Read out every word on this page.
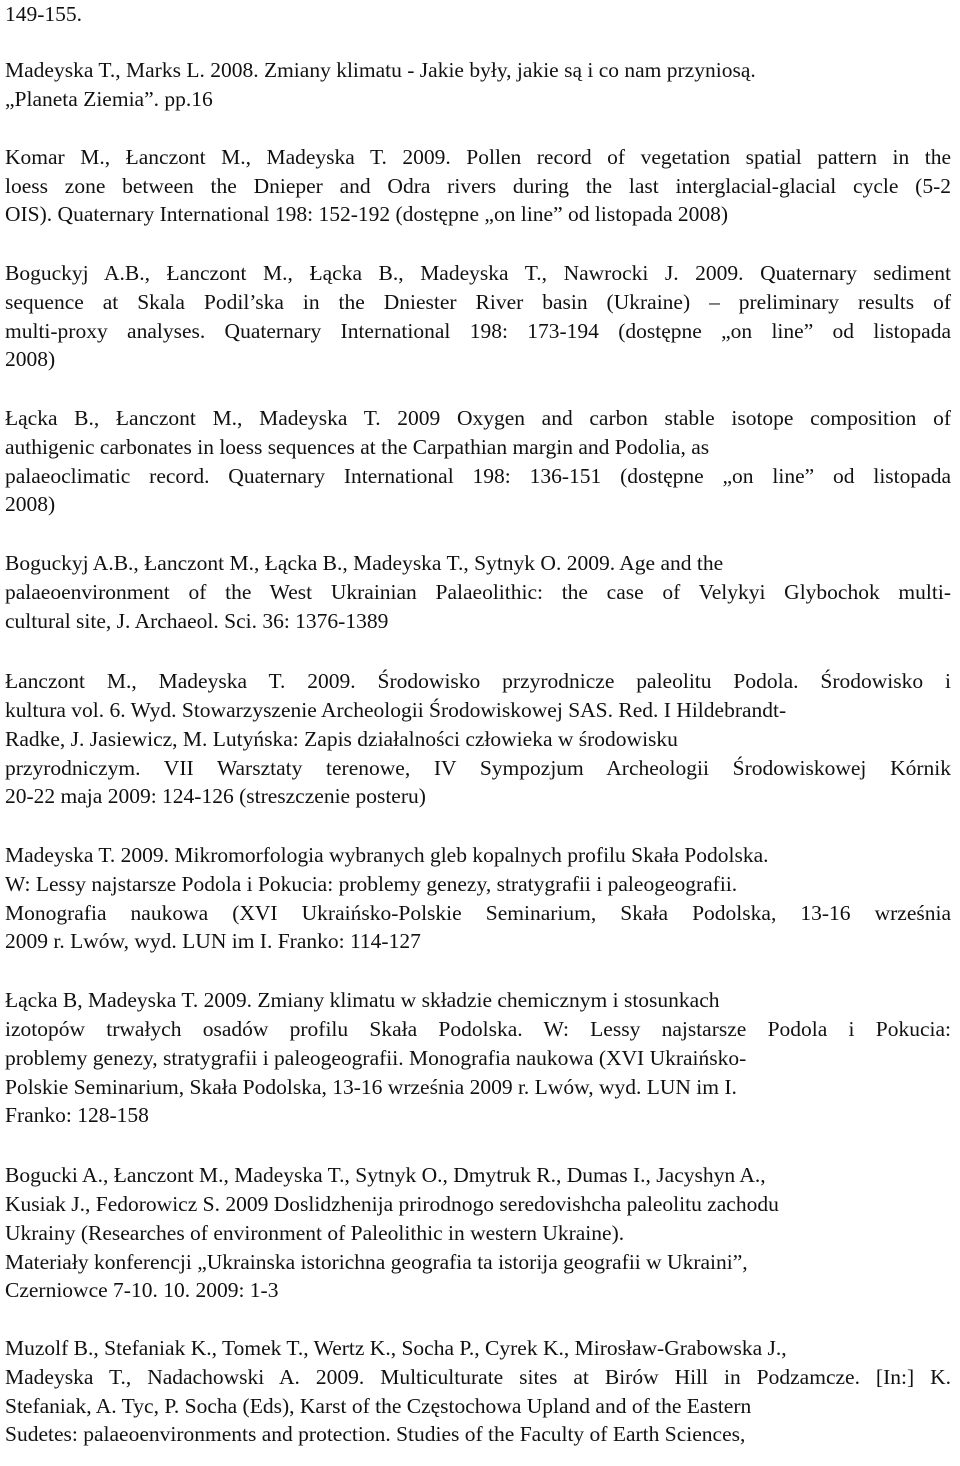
149-155.
Madeyska T., Marks L. 2008. Zmiany klimatu - Jakie były, jakie są i co nam przyniosą.
„Planeta Ziemia”. pp.16
Komar M., Łanczont M., Madeyska T. 2009. Pollen record of vegetation spatial pattern in the
loess zone between the Dnieper and Odra rivers during the last interglacial-glacial cycle (5-2
OIS). Quaternary International 198: 152-192 (dostępne „on line” od listopada 2008)
Boguckyj A.B., Łanczont M., Łącka B., Madeyska T., Nawrocki J. 2009. Quaternary sediment
sequence at Skala Podil’ska in the Dniester River basin (Ukraine) – preliminary results of
multi-proxy analyses. Quaternary International 198: 173-194 (dostępne „on line” od listopada
2008)
Łącka B., Łanczont M., Madeyska T. 2009 Oxygen and carbon stable isotope composition of
authigenic carbonates in loess sequences at the Carpathian margin and Podolia, as
palaeoclimatic record. Quaternary International 198: 136-151 (dostępne „on line” od listopada
2008)
Boguckyj A.B., Łanczont M., Łącka B., Madeyska T., Sytnyk O. 2009. Age and the
palaeoenvironment of the West Ukrainian Palaeolithic: the case of Velykyi Glybochok multi-
cultural site, J. Archaeol. Sci. 36: 1376-1389
Łanczont M., Madeyska T. 2009. Środowisko przyrodnicze paleolitu Podola. Środowisko i
kultura vol. 6. Wyd. Stowarzyszenie Archeologii Środowiskowej SAS. Red. I Hildebrandt-
Radke, J. Jasiewicz, M. Lutyńska: Zapis działalności człowieka w środowisku
przyrodniczym. VII Warsztaty terenowe, IV Sympozjum Archeologii Środowiskowej Kórnik
20-22 maja 2009: 124-126 (streszczenie posteru)
Madeyska T. 2009. Mikromorfologia wybranych gleb kopalnych profilu Skała Podolska.
W: Lessy najstarsze Podola i Pokucia: problemy genezy, stratygrafii i paleogeografii.
Monografia naukowa (XVI Ukraińsko-Polskie Seminarium, Skała Podolska, 13-16 września
2009 r. Lwów, wyd. LUN im I. Franko: 114-127
Łącka B, Madeyska T. 2009. Zmiany klimatu w składzie chemicznym i stosunkach
izotopów trwałych osadów profilu Skała Podolska. W: Lessy najstarsze Podola i Pokucia:
problemy genezy, stratygrafii i paleogeografii. Monografia naukowa (XVI Ukraińsko-
Polskie Seminarium, Skała Podolska, 13-16 września 2009 r. Lwów, wyd. LUN im I.
Franko: 128-158
Bogucki A., Łanczont M., Madeyska T., Sytnyk O., Dmytruk R., Dumas I., Jacyshyn A.,
Kusiak J., Fedorowicz S. 2009 Doslidzhenija prirodnogo seredovishcha paleolitu zachodu
Ukrainy (Researches of environment of Paleolithic in western Ukraine).
Materiały konferencji „Ukrainska istorichna geografia ta istorija geografii w Ukraini”,
Czerniowce 7-10. 10. 2009: 1-3
Muzolf B., Stefaniak K., Tomek T., Wertz K., Socha P., Cyrek K., Mirosław-Grabowska J.,
Madeyska T., Nadachowski A. 2009. Multiculturate sites at Birów Hill in Podzamcze. [In:] K.
Stefaniak, A. Tyc, P. Socha (Eds), Karst of the Częstochowa Upland and of the Eastern
Sudetes: palaeoenvironments and protection. Studies of the Faculty of Earth Sciences,
